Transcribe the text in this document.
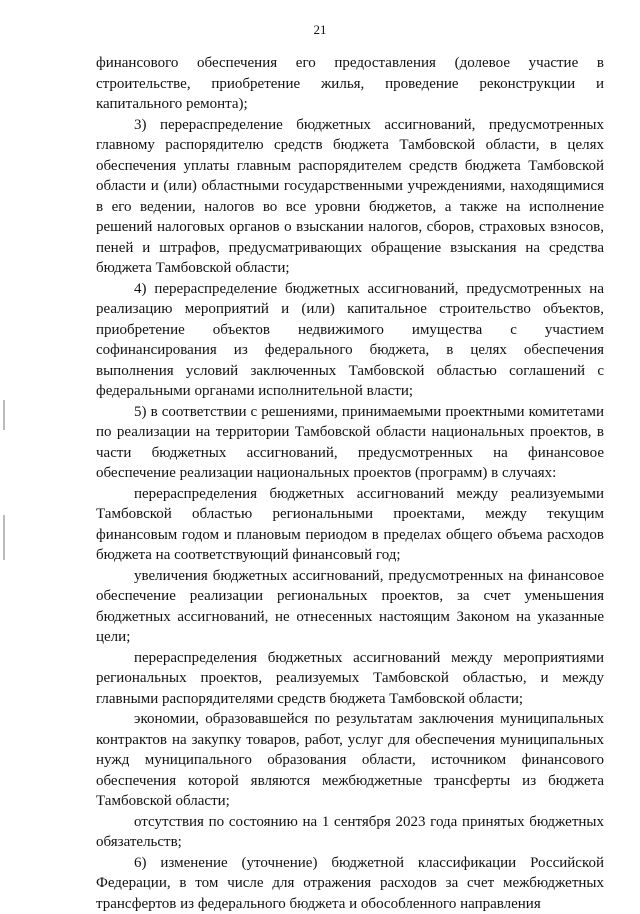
21

финансового обеспечения его предоставления (долевое участие в строительстве, приобретение жилья, проведение реконструкции и капитального ремонта);

3) перераспределение бюджетных ассигнований, предусмотренных главному распорядителю средств бюджета Тамбовской области, в целях обеспечения уплаты главным распорядителем средств бюджета Тамбовской области и (или) областными государственными учреждениями, находящимися в его ведении, налогов во все уровни бюджетов, а также на исполнение решений налоговых органов о взыскании налогов, сборов, страховых взносов, пеней и штрафов, предусматривающих обращение взыскания на средства бюджета Тамбовской области;

4) перераспределение бюджетных ассигнований, предусмотренных на реализацию мероприятий и (или) капитальное строительство объектов, приобретение объектов недвижимого имущества с участием софинансирования из федерального бюджета, в целях обеспечения выполнения условий заключенных Тамбовской областью соглашений с федеральными органами исполнительной власти;

5) в соответствии с решениями, принимаемыми проектными комитетами по реализации на территории Тамбовской области национальных проектов, в части бюджетных ассигнований, предусмотренных на финансовое обеспечение реализации национальных проектов (программ) в случаях:

перераспределения бюджетных ассигнований между реализуемыми Тамбовской областью региональными проектами, между текущим финансовым годом и плановым периодом в пределах общего объема расходов бюджета на соответствующий финансовый год;

увеличения бюджетных ассигнований, предусмотренных на финансовое обеспечение реализации региональных проектов, за счет уменьшения бюджетных ассигнований, не отнесенных настоящим Законом на указанные цели;

перераспределения бюджетных ассигнований между мероприятиями региональных проектов, реализуемых Тамбовской областью, и между главными распорядителями средств бюджета Тамбовской области;

экономии, образовавшейся по результатам заключения муниципальных контрактов на закупку товаров, работ, услуг для обеспечения муниципальных нужд муниципального образования области, источником финансового обеспечения которой являются межбюджетные трансферты из бюджета Тамбовской области;

отсутствия по состоянию на 1 сентября 2023 года принятых бюджетных обязательств;

6) изменение (уточнение) бюджетной классификации Российской Федерации, в том числе для отражения расходов за счет межбюджетных трансфертов из федерального бюджета и обособленного направления
